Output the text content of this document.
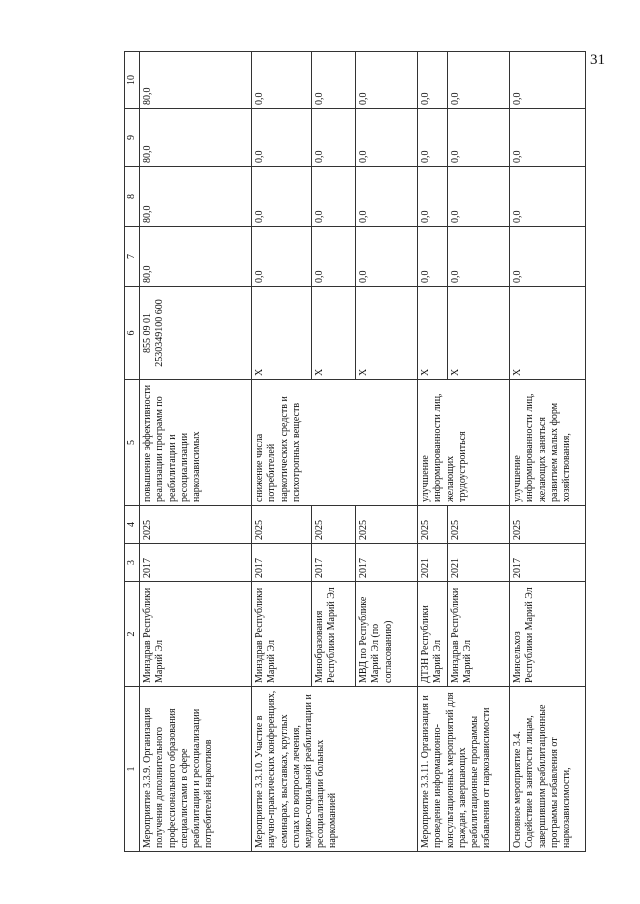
31
1	2	3	4	5	6	7	8	9	10
Мероприятие 3.3.9. Организация получения дополнительного профессионального образования специалистами в сфере реабилитации и ресоциализации потребителей наркотиков	Минздрав Республики Марий Эл	2017	2025	повышение эффективности реализации программ по реабилитации и ресоциализации наркозависимых	855 09 01 2530349100 600	80,0	80,0	80,0	80,0
Мероприятие 3.3.10. Участие в научно-практических конференциях, семинарах, выставках, круглых столах по вопросам лечения, медико-социальной реабилитации и ресоциализации больных наркоманией	Минздрав Республики Марий Эл	2017	2025	снижение числа потребителей наркотических средств и психотропных веществ	X	0,0	0,0	0,0	0,0
	Минобразования Республики Марий Эл	2017	2025		X	0,0	0,0	0,0	0,0
	МВД по Республике Марий Эл (по согласованию)	2017	2025		X	0,0	0,0	0,0	0,0
Мероприятие 3.3.11. Организация и проведение информационно-консультационных мероприятий для граждан, завершающих реабилитационные программы избавления от наркозависимости	ДТЗН Республики Марий Эл	2021	2025	улучшение информированности лиц, желающих трудоустроиться	X	0,0	0,0	0,0	0,0
	Минздрав Республики Марий Эл	2021	2025		X	0,0	0,0	0,0	0,0
Основное мероприятие 3.4. Содействие в занятости лицам, завершившим реабилитационные программы избавления от наркозависимости,	Минсельхоз Республики Марий Эл	2017	2025	улучшение информированности лиц, желающих заняться развитием малых форм хозяйствования,	X	0,0	0,0	0,0	0,0
